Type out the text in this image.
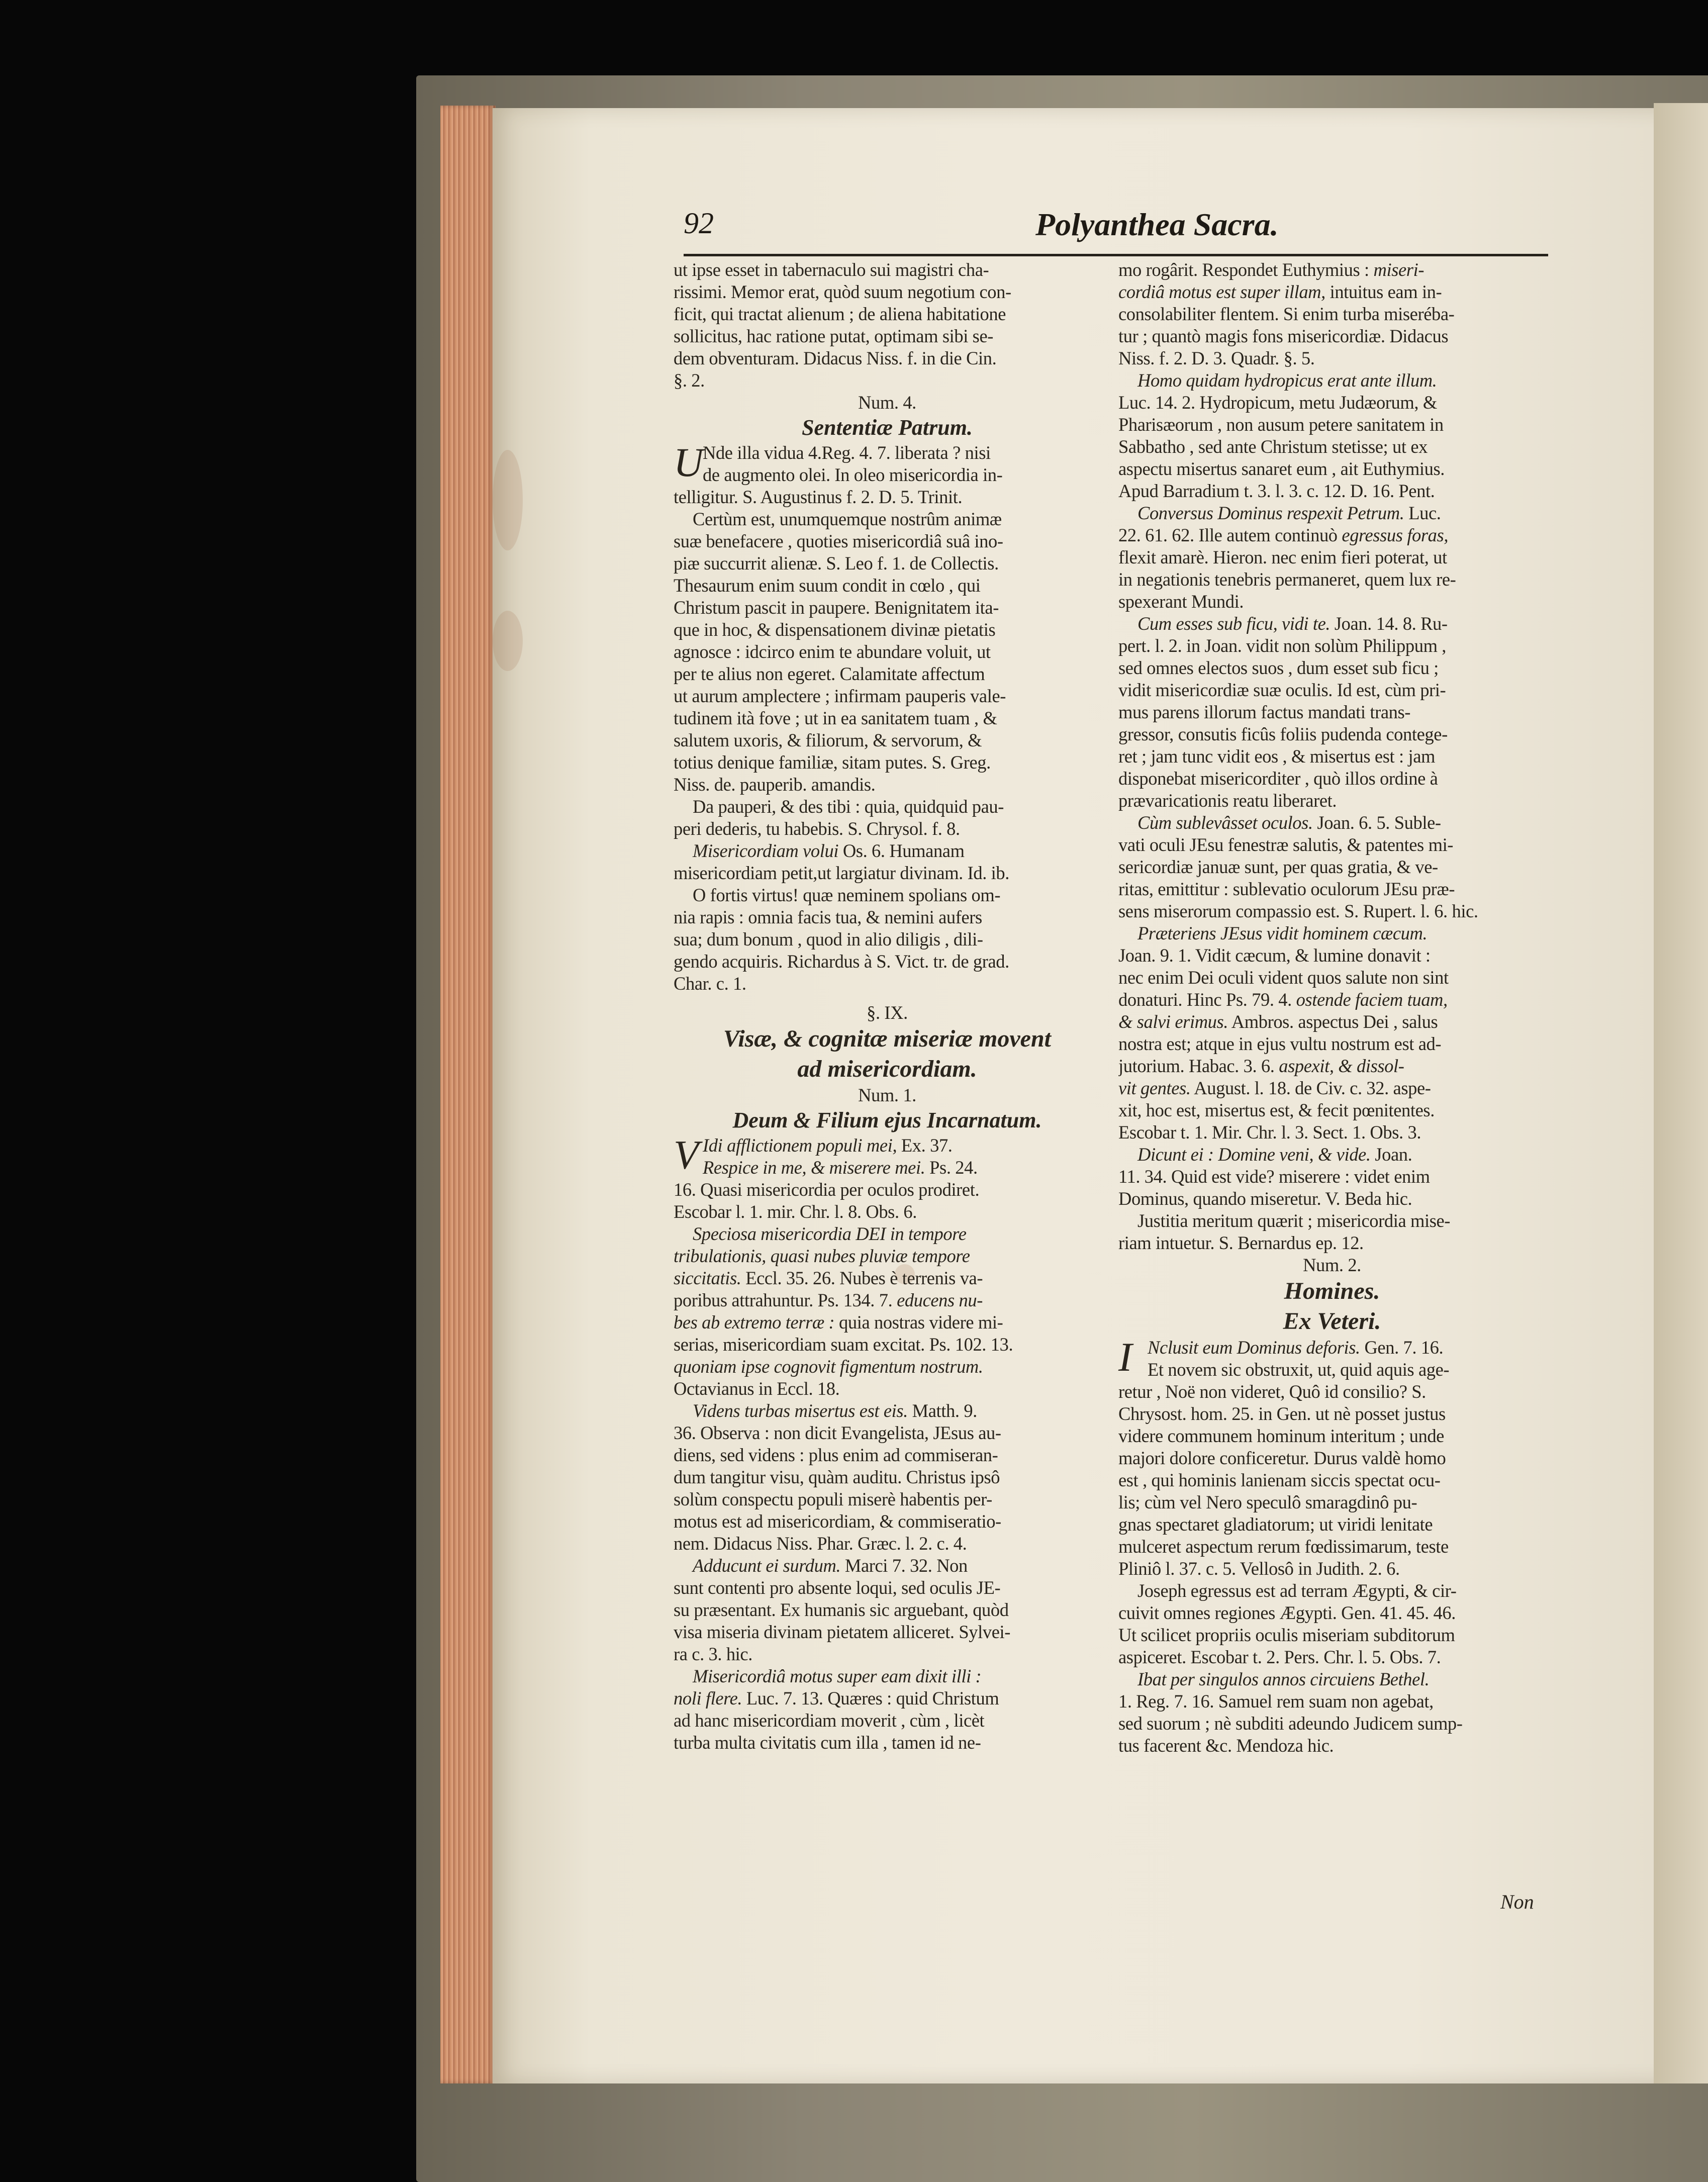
92	Polyanthea Sacra.
ut ipse esset in tabernaculo sui magistri cha-
rissimi. Memor erat, quòd suum negotium con-
ficit, qui tractat alienum ; de aliena habitatione
sollicitus, hac ratione putat, optimam sibi se-
dem obventuram. Didacus Niss. f. in die Cin.
§. 2.
Num. 4.
Sententiæ Patrum.
U
Nde illa vidua 4.Reg. 4. 7. liberata ? nisi
de augmento olei. In oleo misericordia in-
telligitur. S. Augustinus f. 2. D. 5. Trinit.
Certùm est, unumquemque nostrûm animæ
suæ benefacere , quoties misericordiâ suâ ino-
piæ succurrit alienæ. S. Leo f. 1. de Collectis.
Thesaurum enim suum condit in cœlo , qui
Christum pascit in paupere. Benignitatem ita-
que in hoc, & dispensationem divinæ pietatis
agnosce : idcirco enim te abundare voluit, ut
per te alius non egeret. Calamitate affectum
ut aurum amplectere ; infirmam pauperis vale-
tudinem ità fove ; ut in ea sanitatem tuam , &
salutem uxoris, & filiorum, & servorum, &
totius denique familiæ, sitam putes. S. Greg.
Niss. de. pauperib. amandis.
Da pauperi, & des tibi : quia, quidquid pau-
peri dederis, tu habebis. S. Chrysol. f. 8.
Misericordiam volui Os. 6. Humanam
misericordiam petit,ut largiatur divinam. Id. ib.
O fortis virtus! quæ neminem spolians om-
nia rapis : omnia facis tua, & nemini aufers
sua; dum bonum , quod in alio diligis , dili-
gendo acquiris. Richardus à S. Vict. tr. de grad.
Char. c. 1.
§. IX.
Visæ, & cognitæ miseriæ movent
ad misericordiam.
Num. 1.
Deum & Filium ejus Incarnatum.
V Idi afflictionem populi mei, Ex. 37.
Respice in me, & miserere mei. Ps. 24.
16. Quasi misericordia per oculos prodiret.
Escobar l. 1. mir. Chr. l. 8. Obs. 6.
Speciosa misericordia DEI in tempore
tribulationis, quasi nubes pluviæ tempore
siccitatis. Eccl. 35. 26. Nubes è terrenis va-
poribus attrahuntur. Ps. 134. 7. educens nu-
bes ab extremo terræ : quia nostras videre mi-
serias, misericordiam suam excitat. Ps. 102. 13.
quoniam ipse cognovit figmentum nostrum.
Octavianus in Eccl. 18.
Videns turbas misertus est eis. Matth. 9.
36. Observa : non dicit Evangelista, JEsus au-
diens, sed videns : plus enim ad commiseran-
dum tangitur visu, quàm auditu. Christus ipsô
solùm conspectu populi miserè habentis per-
motus est ad misericordiam, & commiseratio-
nem. Didacus Niss. Phar. Græc. l. 2. c. 4.
Adducunt ei surdum. Marci 7. 32. Non
sunt contenti pro absente loqui, sed oculis JE-
su præsentant. Ex humanis sic arguebant, quòd
visa miseria divinam pietatem alliceret. Sylvei-
ra c. 3. hic.
Misericordiâ motus super eam dixit illi :
noli flere. Luc. 7. 13. Quæres : quid Christum
ad hanc misericordiam moverit , cùm , licèt
turba multa civitatis cum illa , tamen id ne-
mo rogârit. Respondet Euthymius : miseri-
cordiâ motus est super illam, intuitus eam in-
consolabiliter flentem. Si enim turba miseréba-
tur ; quantò magis fons misericordiæ. Didacus
Niss. f. 2. D. 3. Quadr. §. 5.
Homo quidam hydropicus erat ante illum.
Luc. 14. 2. Hydropicum, metu Judæorum, &
Pharisæorum , non ausum petere sanitatem in
Sabbatho , sed ante Christum stetisse; ut ex
aspectu misertus sanaret eum , ait Euthymius.
Apud Barradium t. 3. l. 3. c. 12. D. 16. Pent.
Conversus Dominus respexit Petrum. Luc.
22. 61. 62. Ille autem continuò egressus foras,
flexit amarè. Hieron. nec enim fieri poterat, ut
in negationis tenebris permaneret, quem lux re-
spexerant Mundi.
Cum esses sub ficu, vidi te. Joan. 14. 8. Ru-
pert. l. 2. in Joan. vidit non solùm Philippum ,
sed omnes electos suos , dum esset sub ficu ;
vidit misericordiæ suæ oculis. Id est, cùm pri-
mus parens illorum factus mandati trans-
gressor, consutis ficûs foliis pudenda contege-
ret ; jam tunc vidit eos , & misertus est : jam
disponebat misericorditer , quò illos ordine à
prævaricationis reatu liberaret.
Cùm sublevâsset oculos. Joan. 6. 5. Suble-
vati oculi JEsu fenestræ salutis, & patentes mi-
sericordiæ januæ sunt, per quas gratia, & ve-
ritas, emittitur : sublevatio oculorum JEsu præ-
sens miserorum compassio est. S. Rupert. l. 6. hic.
Præteriens JEsus vidit hominem cæcum.
Joan. 9. 1. Vidit cæcum, & lumine donavit :
nec enim Dei oculi vident quos salute non sint
donaturi. Hinc Ps. 79. 4. ostende faciem tuam,
& salvi erimus. Ambros. aspectus Dei , salus
nostra est; atque in ejus vultu nostrum est ad-
jutorium. Habac. 3. 6. aspexit, & dissol-
vit gentes. August. l. 18. de Civ. c. 32. aspe-
xit, hoc est, misertus est, & fecit pœnitentes.
Escobar t. 1. Mir. Chr. l. 3. Sect. 1. Obs. 3.
Dicunt ei : Domine veni, & vide. Joan.
11. 34. Quid est vide? miserere : videt enim
Dominus, quando miseretur. V. Beda hic.
Justitia meritum quærit ; misericordia mise-
riam intuetur. S. Bernardus ep. 12.
Num. 2.
Homines.
Ex Veteri.
I Nclusit eum Dominus deforis. Gen. 7. 16.
Et novem sic obstruxit, ut, quid aquis age-
retur , Noë non videret, Quô id consilio? S.
Chrysost. hom. 25. in Gen. ut nè posset justus
videre communem hominum interitum ; unde
majori dolore conficeretur. Durus valdè homo
est , qui hominis lanienam siccis spectat ocu-
lis; cùm vel Nero speculô smaragdinô pu-
gnas spectaret gladiatorum; ut viridi lenitate
mulceret aspectum rerum fœdissimarum, teste
Pliniô l. 37. c. 5. Vellosô in Judith. 2. 6.
Joseph egressus est ad terram Ægypti, & cir-
cuivit omnes regiones Ægypti. Gen. 41. 45. 46.
Ut scilicet propriis oculis miseriam subditorum
aspiceret. Escobar t. 2. Pers. Chr. l. 5. Obs. 7.
Ibat per singulos annos circuiens Bethel.
1. Reg. 7. 16. Samuel rem suam non agebat,
sed suorum ; nè subditi adeundo Judicem sump-
tus facerent &c. Mendoza hic.
Non
